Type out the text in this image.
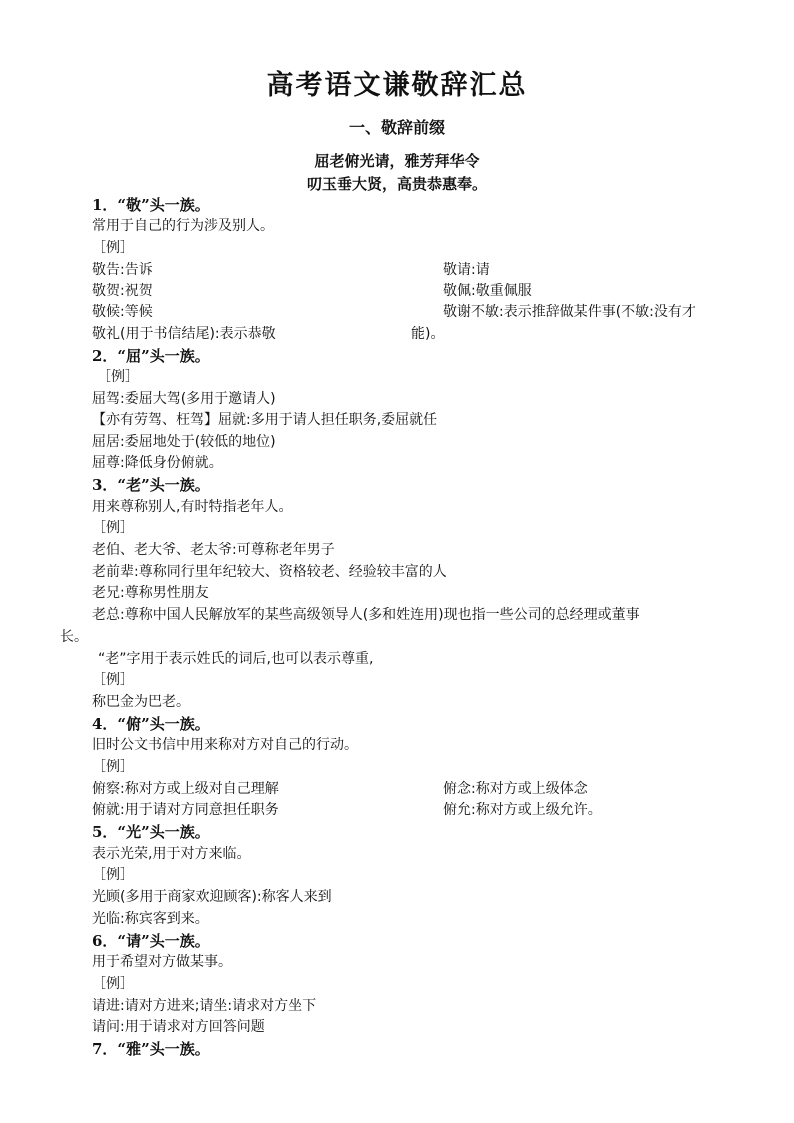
高考语文谦敬辞汇总
一、敬辞前缀
屈老俯光请，雅芳拜华令
叨玉垂大贤，高贵恭惠奉。
1．“敬”头一族。
常用于自己的行为涉及别人。
［例］
敬告:告诉
敬贺:祝贺
敬候:等候
敬礼(用于书信结尾):表示恭敬
敬请:请
敬佩:敬重佩服
敬谢不敏:表示推辞做某件事(不敏:没有才
能)。
2．“屈”头一族。
［例］
屈驾:委屈大驾(多用于邀请人)
【亦有劳驾、枉驾】屈就:多用于请人担任职务,委屈就任
屈居:委屈地处于(较低的地位)
屈尊:降低身份俯就。
3．“老”头一族。
用来尊称别人,有时特指老年人。
［例］
老伯、老大爷、老太爷:可尊称老年男子
老前辈:尊称同行里年纪较大、资格较老、经验较丰富的人
老兄:尊称男性朋友
老总:尊称中国人民解放军的某些高级领导人(多和姓连用)现也指一些公司的总经理或董事
长。
“老”字用于表示姓氏的词后,也可以表示尊重,
［例］
称巴金为巴老。
4．“俯”头一族。
旧时公文书信中用来称对方对自己的行动。
［例］
俯察:称对方或上级对自己理解
俯就:用于请对方同意担任职务
俯念:称对方或上级体念
俯允:称对方或上级允许。
5．“光”头一族。
表示光荣,用于对方来临。
［例］
光顾(多用于商家欢迎顾客):称客人来到
光临:称宾客到来。
6．“请”头一族。
用于希望对方做某事。
［例］
请进:请对方进来;请坐:请求对方坐下
请问:用于请求对方回答问题
7．“雅”头一族。
